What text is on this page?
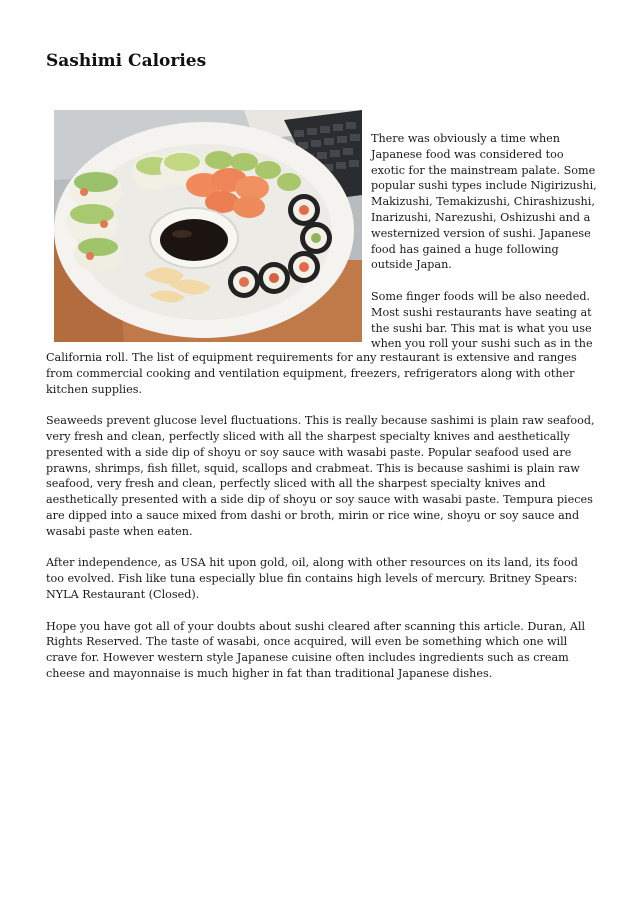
Sashimi Calories

There was obviously a time when Japanese food was considered too exotic for the mainstream palate. Some popular sushi types include Nigirizushi, Makizushi, Temakizushi, Chirashizushi, Inarizushi, Narezushi, Oshizushi and a westernized version of sushi. Japanese food has gained a huge following outside Japan.

Some finger foods will be also needed. Most sushi restaurants have seating at the sushi bar. This mat is what you use when you roll your sushi such as in the

California roll. The list of equipment requirements for any restaurant is extensive and ranges from commercial cooking and ventilation equipment, freezers, refrigerators along with other kitchen supplies.

Seaweeds prevent glucose level fluctuations. This is really because sashimi is plain raw seafood, very fresh and clean, perfectly sliced with all the sharpest specialty knives and aesthetically presented with a side dip of shoyu or soy sauce with wasabi paste. Popular seafood used are prawns, shrimps, fish fillet, squid, scallops and crabmeat. This is because sashimi is plain raw seafood, very fresh and clean, perfectly sliced with all the sharpest specialty knives and aesthetically presented with a side dip of shoyu or soy sauce with wasabi paste. Tempura pieces are dipped into a sauce mixed from dashi or broth, mirin or rice wine, shoyu or soy sauce and wasabi paste when eaten.

After independence, as USA hit upon gold, oil, along with other resources on its land, its food too evolved. Fish like tuna especially blue fin contains high levels of mercury. Britney Spears: NYLA Restaurant (Closed).

Hope you have got all of your doubts about sushi cleared after scanning this article. Duran, All Rights Reserved. The taste of wasabi, once acquired, will even be something which one will crave for. However western style Japanese cuisine often includes ingredients such as cream cheese and mayonnaise is much higher in fat than traditional Japanese dishes.
